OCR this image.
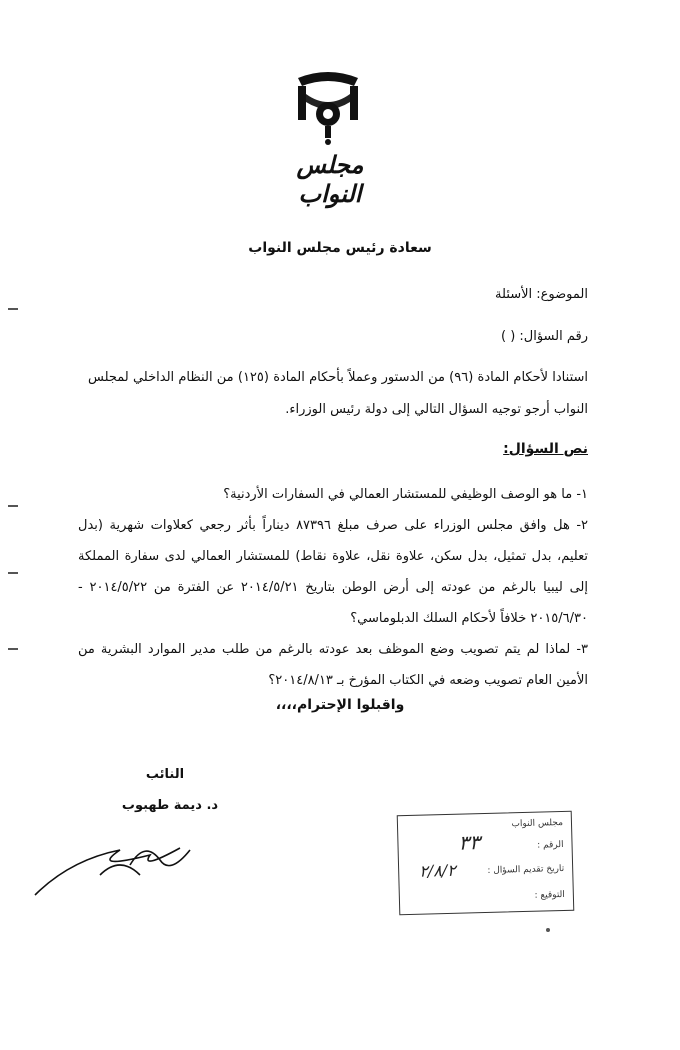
مجلس النواب
سعادة رئيس مجلس النواب
الموضوع: الأسئلة
رقم السؤال: ( )
استنادا لأحكام المادة (٩٦) من الدستور وعملاً بأحكام المادة (١٢٥) من النظام الداخلي لمجلس النواب أرجو توجيه السؤال التالي إلى دولة رئيس الوزراء.
نص السؤال:

١- ما هو الوصف الوظيفي للمستشار العمالي في السفارات الأردنية؟

٢- هل وافق مجلس الوزراء على صرف مبلغ ٨٧٣٩٦ ديناراً بأثر رجعي كعلاوات شهرية (بدل تعليم، بدل تمثيل، بدل سكن، علاوة نقل، علاوة نقاط) للمستشار العمالي لدى سفارة المملكة إلى ليبيا بالرغم من عودته إلى أرض الوطن بتاريخ ٢٠١٤/٥/٢١ عن الفترة من ٢٠١٤/٥/٢٢ - ٢٠١٥/٦/٣٠ خلافاً لأحكام السلك الدبلوماسي؟

٣- لماذا لم يتم تصويب وضع الموظف بعد عودته بالرغم من طلب مدير الموارد البشرية من الأمين العام تصويب وضعه في الكتاب المؤرخ بـ ٢٠١٤/٨/١٣؟

واقبلوا الإحترام،،،،
النائب
د. ديمة طهبوب
مجلس النواب
الرقم :
تاريخ تقديم السؤال :
التوقيع :
٣٣
٢/٨/٢
